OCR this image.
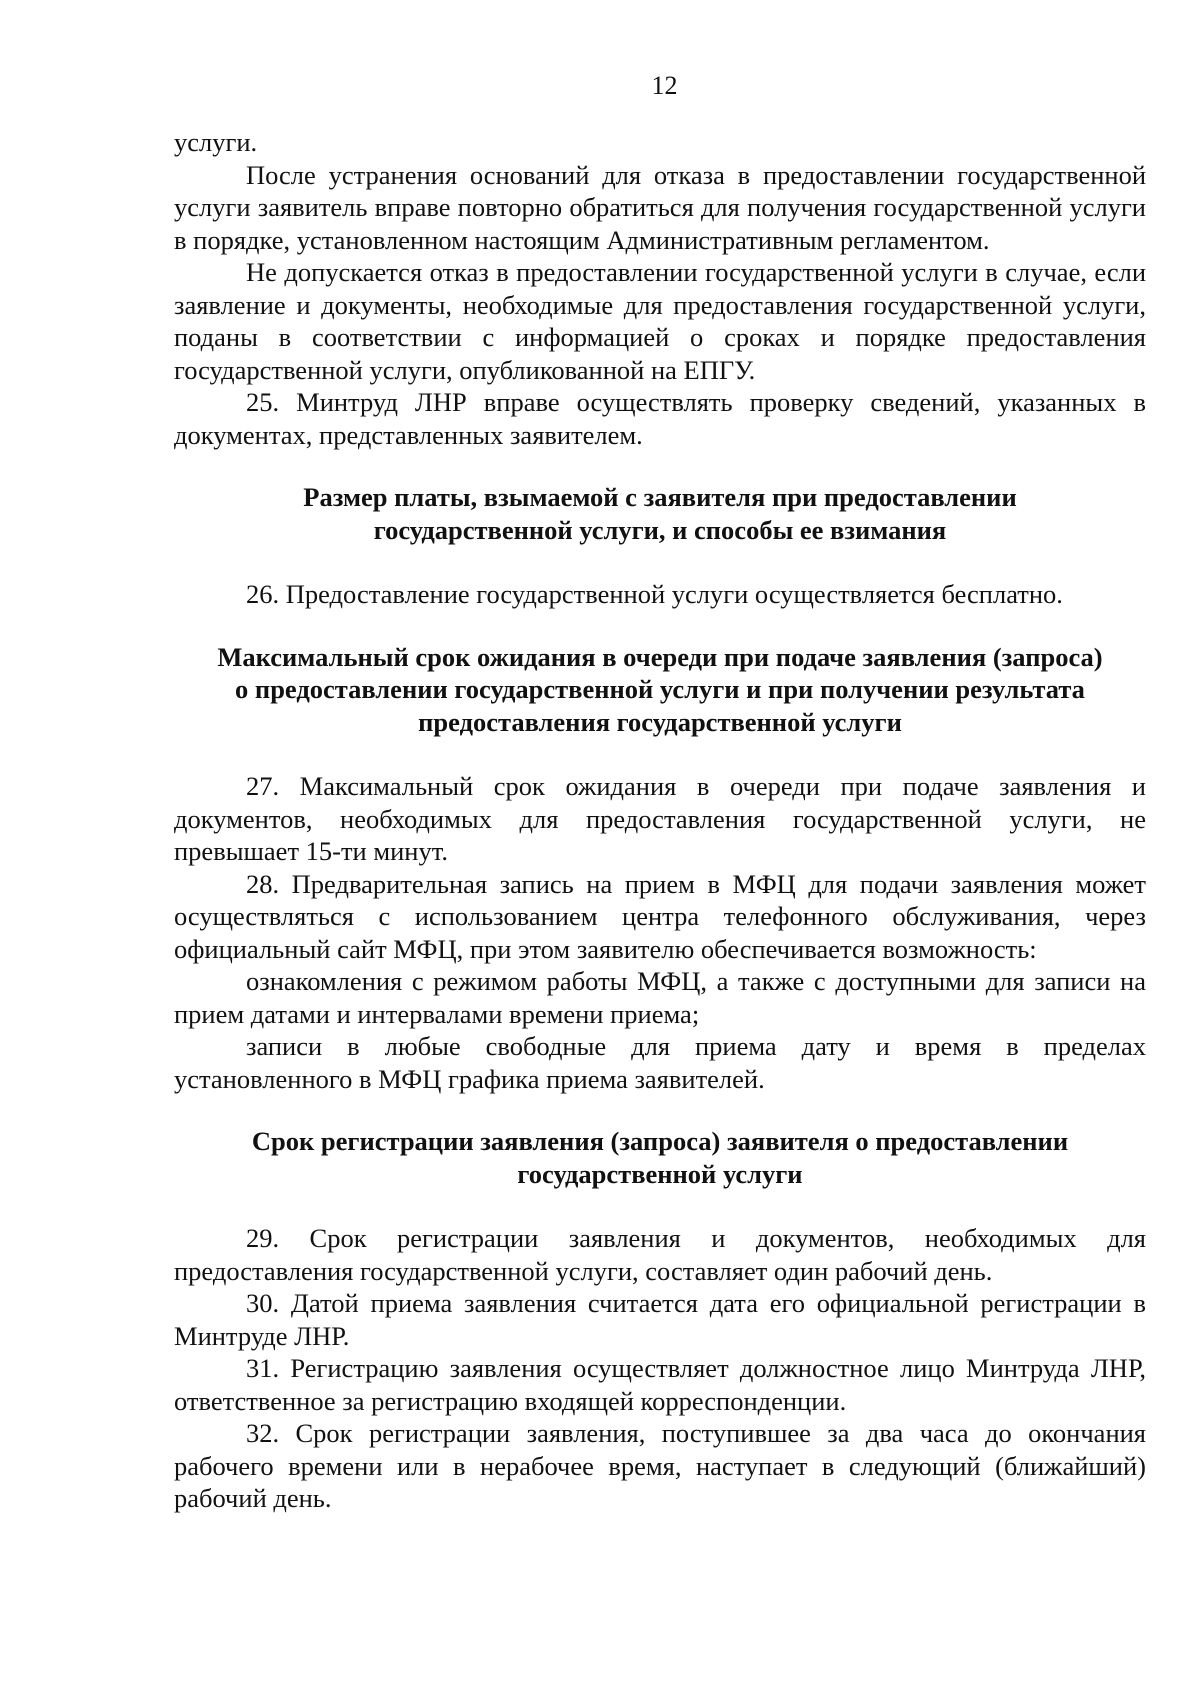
12

услуги.

После устранения оснований для отказа в предоставлении государственной услуги заявитель вправе повторно обратиться для получения государственной услуги в порядке, установленном настоящим Административным регламентом.

Не допускается отказ в предоставлении государственной услуги в случае, если заявление и документы, необходимые для предоставления государственной услуги, поданы в соответствии с информацией о сроках и порядке предоставления государственной услуги, опубликованной на ЕПГУ.

25. Минтруд ЛНР вправе осуществлять проверку сведений, указанных в документах, представленных заявителем.

Размер платы, взымаемой с заявителя при предоставлении
государственной услуги, и способы ее взимания

26. Предоставление государственной услуги осуществляется бесплатно.

Максимальный срок ожидания в очереди при подаче заявления (запроса)
о предоставлении государственной услуги и при получении результата
предоставления государственной услуги

27. Максимальный срок ожидания в очереди при подаче заявления и документов, необходимых для предоставления государственной услуги, не превышает 15-ти минут.

28. Предварительная запись на прием в МФЦ для подачи заявления может осуществляться с использованием центра телефонного обслуживания, через официальный сайт МФЦ, при этом заявителю обеспечивается возможность:

ознакомления с режимом работы МФЦ, а также с доступными для записи на прием датами и интервалами времени приема;

записи в любые свободные для приема дату и время в пределах установленного в МФЦ графика приема заявителей.

Срок регистрации заявления (запроса) заявителя о предоставлении
государственной услуги

29. Срок регистрации заявления и документов, необходимых для предоставления государственной услуги, составляет один рабочий день.

30. Датой приема заявления считается дата его официальной регистрации в Минтруде ЛНР.

31. Регистрацию заявления осуществляет должностное лицо Минтруда ЛНР, ответственное за регистрацию входящей корреспонденции.

32. Срок регистрации заявления, поступившее за два часа до окончания рабочего времени или в нерабочее время, наступает в следующий (ближайший) рабочий день.
